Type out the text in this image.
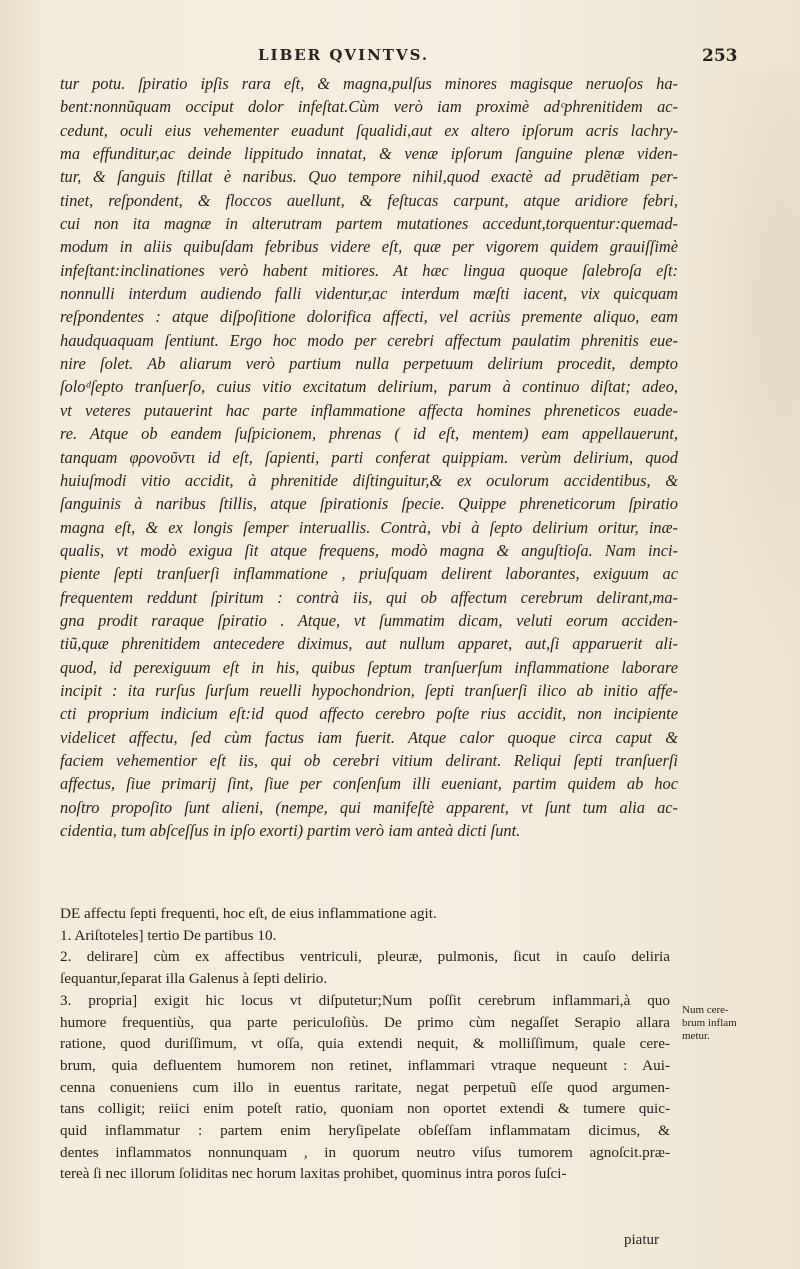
LIBER QVINTVS.	253
tur potu. ſpiratio ipſis rara eſt, & magna,pulſus minores magisque neruoſos ha-
bent:nonnũquam occiput dolor infeſtat.Cùm verò iam proximè adᶜphrenitidem ac-
cedunt, oculi eius vehementer euadunt ſqualidi,aut ex altero ipſorum acris lachry-
ma effunditur,ac deinde lippitudo innatat, & venæ ipſorum ſanguine plenæ viden-
tur, & ſanguis ſtillat è naribus. Quo tempore nihil,quod exactè ad prudẽtiam per-
tinet, reſpondent, & floccos auellunt, & feſtucas carpunt, atque aridiore febri,
cui non ita magnæ in alterutram partem mutationes accedunt,torquentur:quemad-
modum in aliis quibuſdam febribus videre eſt, quæ per vigorem quidem grauiſſimè
infeſtant:inclinationes verò habent mitiores. At hæc lingua quoque ſalebroſa eſt:
nonnulli interdum audiendo falli videntur,ac interdum mæſti iacent, vix quicquam
reſpondentes : atque diſpoſitione dolorifica affecti, vel acriùs premente aliquo, eam
haudquaquam ſentiunt. Ergo hoc modo per cerebri affectum paulatim phrenitis eue-
nire ſolet. Ab aliarum verò partium nulla perpetuum delirium procedit, dempto
ſoloᵈſepto tranſuerſo, cuius vitio excitatum delirium, parum à continuo diſtat; adeo,
vt veteres putauerint hac parte inflammatione affecta homines phreneticos euade-
re. Atque ob eandem ſuſpicionem, phrenas ( id eſt, mentem) eam appellauerunt,
tanquam φρονοῦντι id eſt, ſapienti, parti conferat quippiam. verùm delirium, quod
huiuſmodi vitio accidit, à phrenitide diſtinguitur,& ex oculorum accidentibus, &
ſanguinis à naribus ſtillis, atque ſpirationis ſpecie. Quippe phreneticorum ſpiratio
magna eſt, & ex longis ſemper interuallis. Contrà, vbi à ſepto delirium oritur, inæ-
qualis, vt modò exigua ſit atque frequens, modò magna & anguſtioſa. Nam inci-
piente ſepti tranſuerſi inflammatione , priuſquam delirent laborantes, exiguum ac
frequentem reddunt ſpiritum : contrà iis, qui ob affectum cerebrum delirant,ma-
gna prodit raraque ſpiratio . Atque, vt ſummatim dicam, veluti eorum acciden-
tiũ,quæ phrenitidem antecedere diximus, aut nullum apparet, aut,ſi apparuerit ali-
quod, id perexiguum eſt in his, quibus ſeptum tranſuerſum inflammatione laborare
incipit : ita rurſus ſurſum reuelli hypochondrion, ſepti tranſuerſi ilico ab initio affe-
cti proprium indicium eſt:id quod affecto cerebro poſte rius accidit, non incipiente
videlicet affectu, ſed cùm factus iam fuerit. Atque calor quoque circa caput &
faciem vehementior eſt iis, qui ob cerebri vitium delirant. Reliqui ſepti tranſuerſi
affectus, ſiue primarij ſint, ſiue per conſenſum illi eueniant, partim quidem ab hoc
noſtro propoſito ſunt alieni, (nempe, qui manifeſtè apparent, vt ſunt tum alia ac-
cidentia, tum abſceſſus in ipſo exorti) partim verò iam anteà dicti ſunt.
DE affectu ſepti frequenti, hoc eſt, de eius inflammatione agit.
1. Ariſtoteles] tertio De partibus 10.
2. delirare] cùm ex affectibus ventriculi, pleuræ, pulmonis, ſicut in cauſo deliria
ſequantur,ſeparat illa Galenus à ſepti delirio.
3. propria] exigit hic locus vt diſputetur;Num poſſit cerebrum inflammari,à quo
humore frequentiùs, qua parte periculoſiùs. De primo cùm negaſſet Serapio allara
ratione, quod duriſſimum, vt oſſa, quia extendi nequit, & molliſſimum, quale cere-
brum, quia defluentem humorem non retinet, inflammari vtraque nequeunt : Aui-
cenna conueniens cum illo in euentus raritate, negat perpetuũ eſſe quod argumen-
tans colligit; reiici enim poteſt ratio, quoniam non oportet extendi & tumere quic-
quid inflammatur : partem enim heryſipelate obſeſſam inflammatam dicimus, &
dentes inflammatos nonnunquam , in quorum neutro viſus tumorem agnoſcit.præ-
tereà ſi nec illorum ſoliditas nec horum laxitas prohibet, quominus intra poros ſuſci-
Num cere-
brum inflam
metur.
piatur
